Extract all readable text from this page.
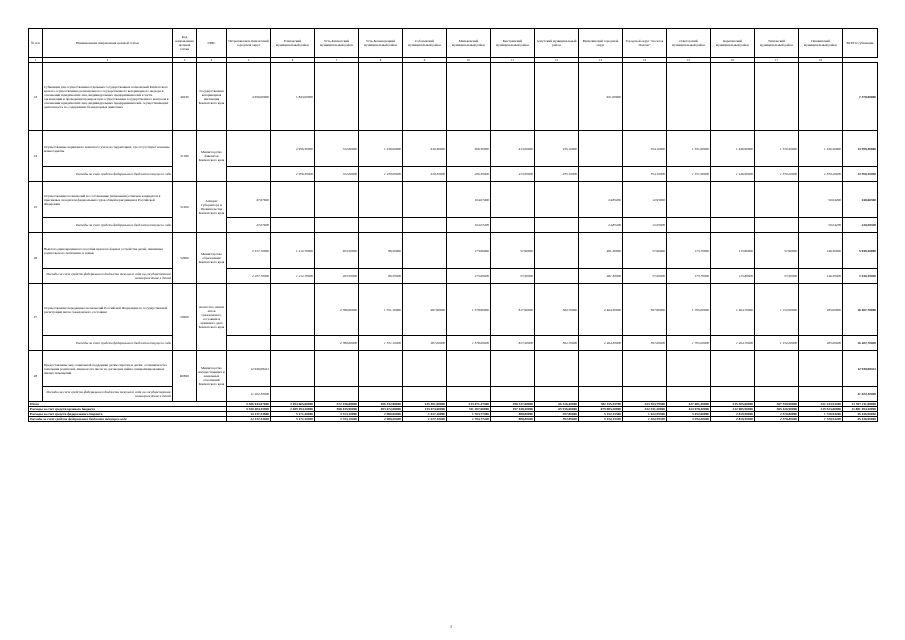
№ п/п	Наименование направления целевой статьи	Код направления целевой статьи	ГРБС	Петропавловск-Камчатский городской округ	Елизовский муниципальный район	Усть-Камчатский муниципальный район	Усть-Большерецкий муниципальный район	Соболевский муниципальный район	Мильковский муниципальный район	Быстринский муниципальный район	Алеутский муниципальный район	Вилючинский городской округ	Городской округ "поселок Палана"	Олюторский муниципальный район	Карагинский муниципальный район	Тигильский муниципальный район	Пенжинский муниципальный район	ВСЕГО субвенции
1	2	3	4	5	6	7	8	9	10	11	12	13	14	15	16	17	18	
23	Субвенции для осуществления отдельных государственных полномочий Камчатского края по осуществлению регионального государственного ветеринарного надзора в отношении юридических лиц, индивидуальных предпринимателей в части организации и проведения проверок при осуществлении государственного контроля в отношении юридических лиц, индивидуальных предпринимателей, осуществляющих деятельность по содержанию безнадзорных животных	40230	Государственная ветеринарная инспекция Камчатского края	4 656,00000	1 843,00000							921,00000						7 370,00000
24	Осуществление первичного воинского учета на территориях, где отсутствуют военные комиссариаты	51180	Министерство финансов Камчатского края		2 956,30000	722,60000	1 239,00000	610,30000	206,30000	413,00000	235,10000		554,10000	1 551,90000	1 446,90000	1 370,20000	1 330,20000	13 599,30000
	Расходы за счет средств федерального бюджета текущего года				2 956,30000	722,60000	1 239,00000	610,30000	206,30000	413,00000	235,10000		554,10000	1 551,90000	1 446,90000	1 370,20000	1 330,20000	13 599,30000
25	Осуществление полномочий по составлению (изменению) списков кандидатов в присяжные заседатели федеральных судов общей юрисдикции в Российской Федерации	51200	Аппарат Губернатора и Правительства Камчатского края	47,67600					104,07400			24,85200	12,95900				50,04200	240,60300
	Расходы за счет средств федерального бюджета текущего года			47,67600					104,07400			24,85200	12,95900				50,04200	240,60300
26	Выплата единовременного пособия при всех формах устройства детей, лишенных родительского попечения, в семью	52600	Министерство образования Камчатского края	2 237,70000	1 212,70000	203,50000	86,50000		173,60000	57,90000		481,30000	57,90000	173,70000	115,80000	57,90000	146,30000	5 049,30000
	Расходы за счет средств федерального бюджета текущего года на государственное вознаграждение в детей			2 237,70000	1 212,70000	203,50000	86,50000		173,60000	57,90000		481,30000	57,90000	173,70000	115,80000	57,90000	146,30000	5 049,30000
27	Осуществление переданных полномочий Российской Федерации по государственной регистрации актов гражданского состояния	59300	Агентство записи актов гражданского состояния и архивного дела Камчатского края			2 780,60000	1 551,10000	997,60000	1 378,60000	817,90000	362,70000	2 464,30000	397,60000	1 795,00000	1 264,70000	1 152,00000	185,00000	16 487,70000
	Расходы за счет средств федерального бюджета текущего года					2 780,60000	1 551,10000	997,60000	1 378,60000	817,90000	362,70000	2 464,30000	397,60000	1 795,00000	1 264,70000	1 152,00000	185,00000	16 487,70000
28	Предоставление мер социальной поддержки детям-сиротам и детям, оставшимся без попечения родителей, лицам из их числа по договорам найма специализированных жилых помещений	R0820	Министерство имущественных и земельных отношений Камчатского края	12 949,08421														12 949,08421
	Расходы за счет средств федерального бюджета текущего года на государственное вознаграждение в детей			11 922,30000														11 922,30000
Итого				5 366 043,07600	2 494 665,60000	572 156,08000	496 532,88000	135 491,90000	313 071,37400	198 337,08000	66 316,40000	782 155,35700	323 353,79300	427 681,30000	315 505,60000	367 558,90000	321 243,94200	11 927 211,08000
Расходы за счет средств краевого бюджета				5 350 484,35000	2 489 494,20000	568 435,90000	493 672,08000	133 674,60000	311 207,60000	197 448,20000	65 916,60000	679 083,20000	322 331,20000	424 678,30000	312 685,90000	365 426,90000	319 523,00000	11 881 494,20000
Расходы за счет средств федерального бюджета				14 137,33600	5 171,40000	3 723,10000	2 980,60000	1 617,10000	1 763,77400	888,80000	597,80000	5 152,15300	1 022,59300	3 052,60000	2 819,50000	2 570,80000	1 720,94200	45 436,90000
Расходы за счет средств федерального бюджета текущего года				14 137,33600	5 171,40000	3 723,10000	2 980,60000	1 617,10000	1 763,77400	888,80000	597,80000	5 152,15300	1 022,59300	3 052,60000	2 819,50000	2 570,80000	1 720,94200	45 436,90000
1
